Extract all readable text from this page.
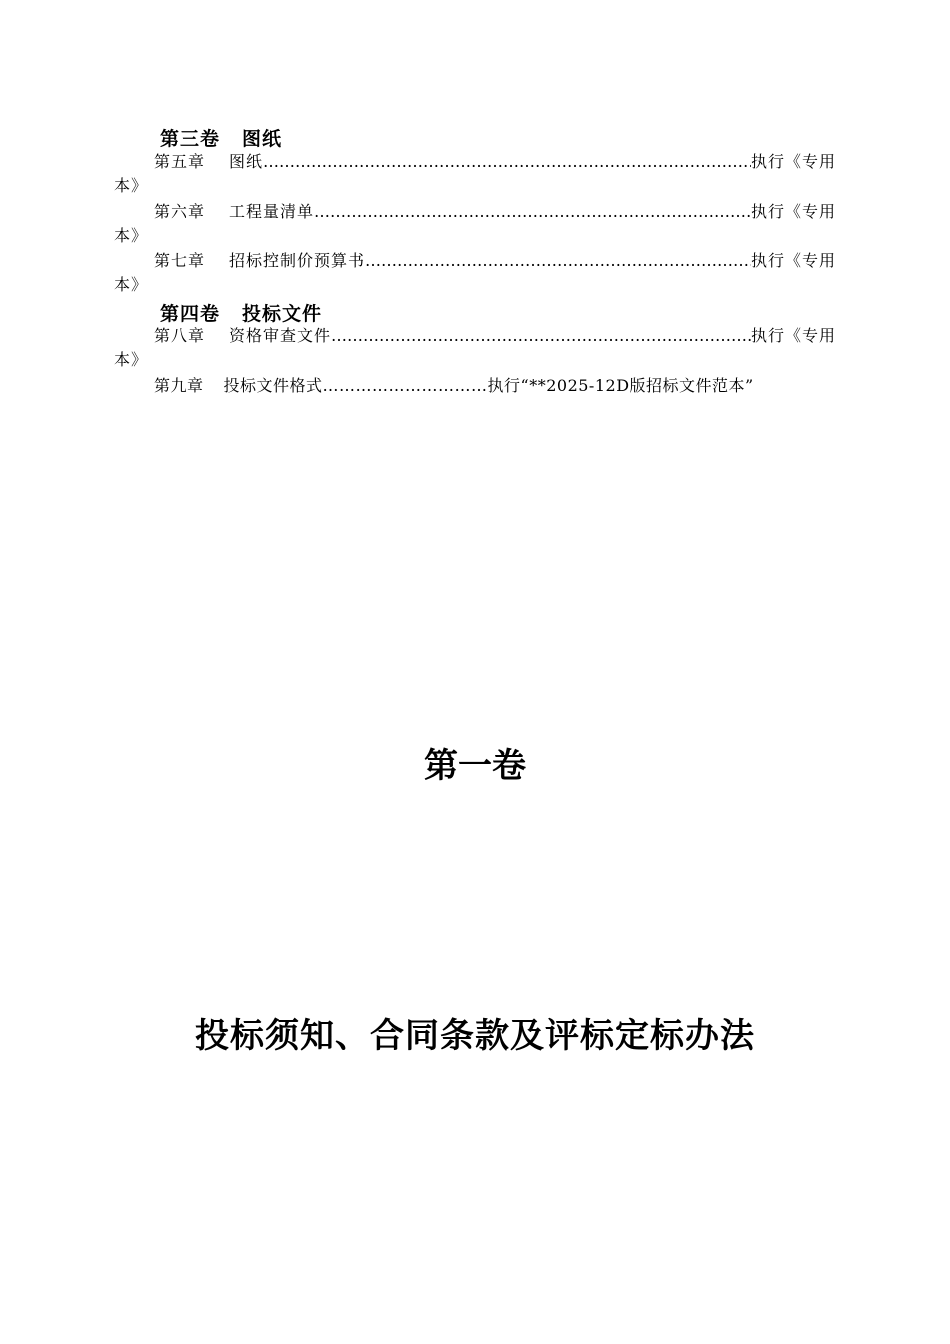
第三卷 图纸
第五章 图纸 …………………………………………………………………………………………………………………………………………	执行《专用
本》
第六章 工程量清单 …………………………………………………………………………………………………………………………………………	执行《专用
本》
第七章 招标控制价预算书 …………………………………………………………………………………………………………………………………………	执行《专用
本》
第四卷 投标文件
第八章 资格审查文件 …………………………………………………………………………………………………………………………………………	执行《专用
本》
第九章 投标文件格式…………………………执行“**2025-12D版招标文件范本”
第一卷
投标须知、合同条款及评标定标办法
